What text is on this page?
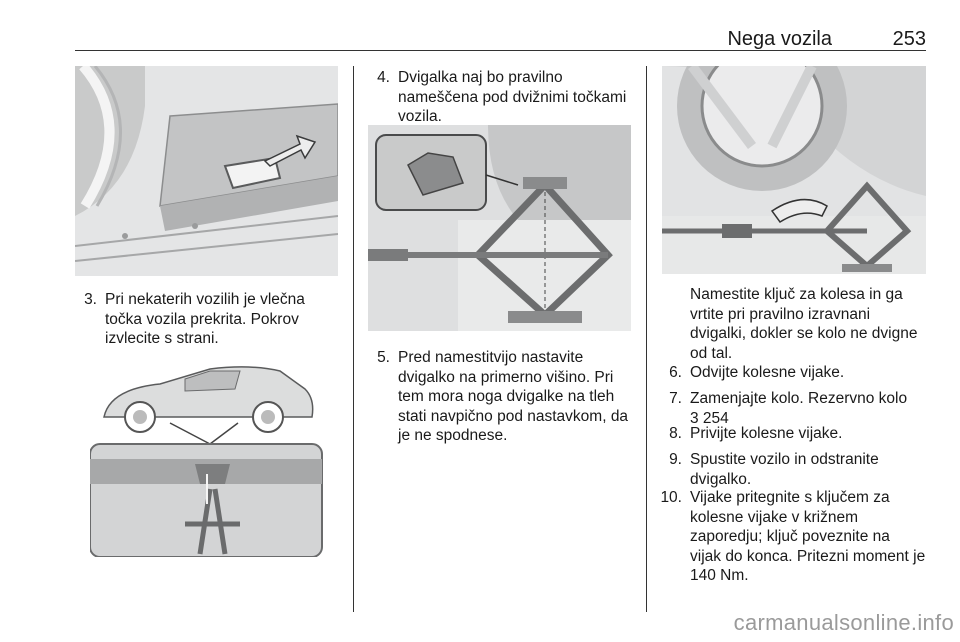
Nega vozila	253
3. Pri nekaterih vozilih je vlečna
točka vozila prekrita. Pokrov
izvlecite s strani.
4. Dvigalka naj bo pravilno
nameščena pod dvižnimi točkami
vozila.
5. Pred namestitvijo nastavite
dvigalko na primerno višino. Pri
tem mora noga dvigalke na tleh
stati navpično pod nastavkom, da
je ne spodnese.
Namestite ključ za kolesa in ga
vrtite pri pravilno izravnani
dvigalki, dokler se kolo ne dvigne
od tal.
6. Odvijte kolesne vijake.
7. Zamenjajte kolo. Rezervno kolo
3 254
8. Privijte kolesne vijake.
9. Spustite vozilo in odstranite
dvigalko.
10. Vijake pritegnite s ključem za
kolesne vijake v križnem
zaporedju; ključ poveznite na
vijak do konca. Pritezni moment je
140 Nm.
carmanualsonline.info
